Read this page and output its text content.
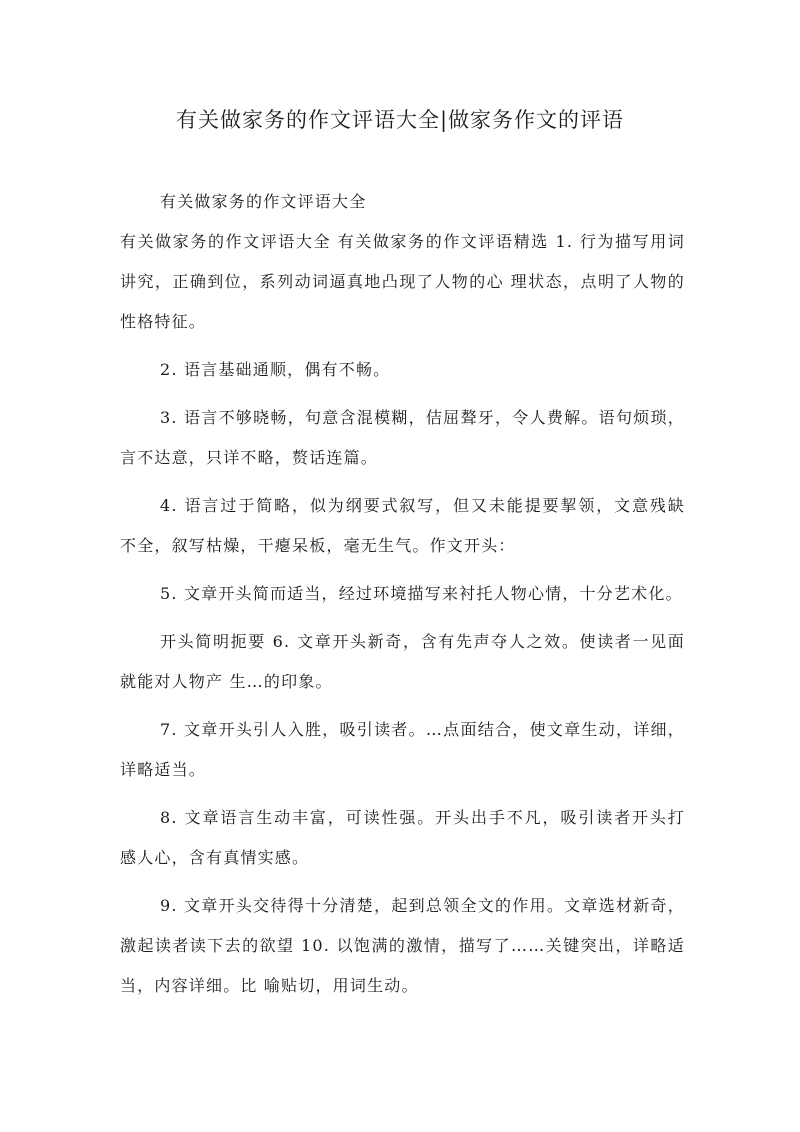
有关做家务的作文评语大全|做家务作文的评语

有关做家务的作文评语大全

有关做家务的作文评语大全 有关做家务的作文评语精选 1. 行为描写用词讲究，正确到位，系列动词逼真地凸现了人物的心 理状态，点明了人物的性格特征。

2. 语言基础通顺，偶有不畅。

3. 语言不够晓畅，句意含混模糊，佶屈聱牙，令人费解。语句烦琐， 言不达意，只详不略，赘话连篇。

4. 语言过于简略，似为纲要式叙写，但又未能提要挈领，文意残缺 不全，叙写枯燥，干瘪呆板，毫无生气。作文开头：

5. 文章开头简而适当，经过环境描写来衬托人物心情，十分艺术化。

开头简明扼要 6. 文章开头新奇，含有先声夺人之效。使读者一见面就能对人物产 生…的印象。

7. 文章开头引人入胜，吸引读者。…点面结合，使文章生动，详细， 详略适当。

8. 文章语言生动丰富，可读性强。开头出手不凡，吸引读者开头打 感人心，含有真情实感。

9. 文章开头交待得十分清楚，起到总领全文的作用。文章选材新奇， 激起读者读下去的欲望 10. 以饱满的激情，描写了……关键突出，详略适当，内容详细。比 喻贴切，用词生动。
